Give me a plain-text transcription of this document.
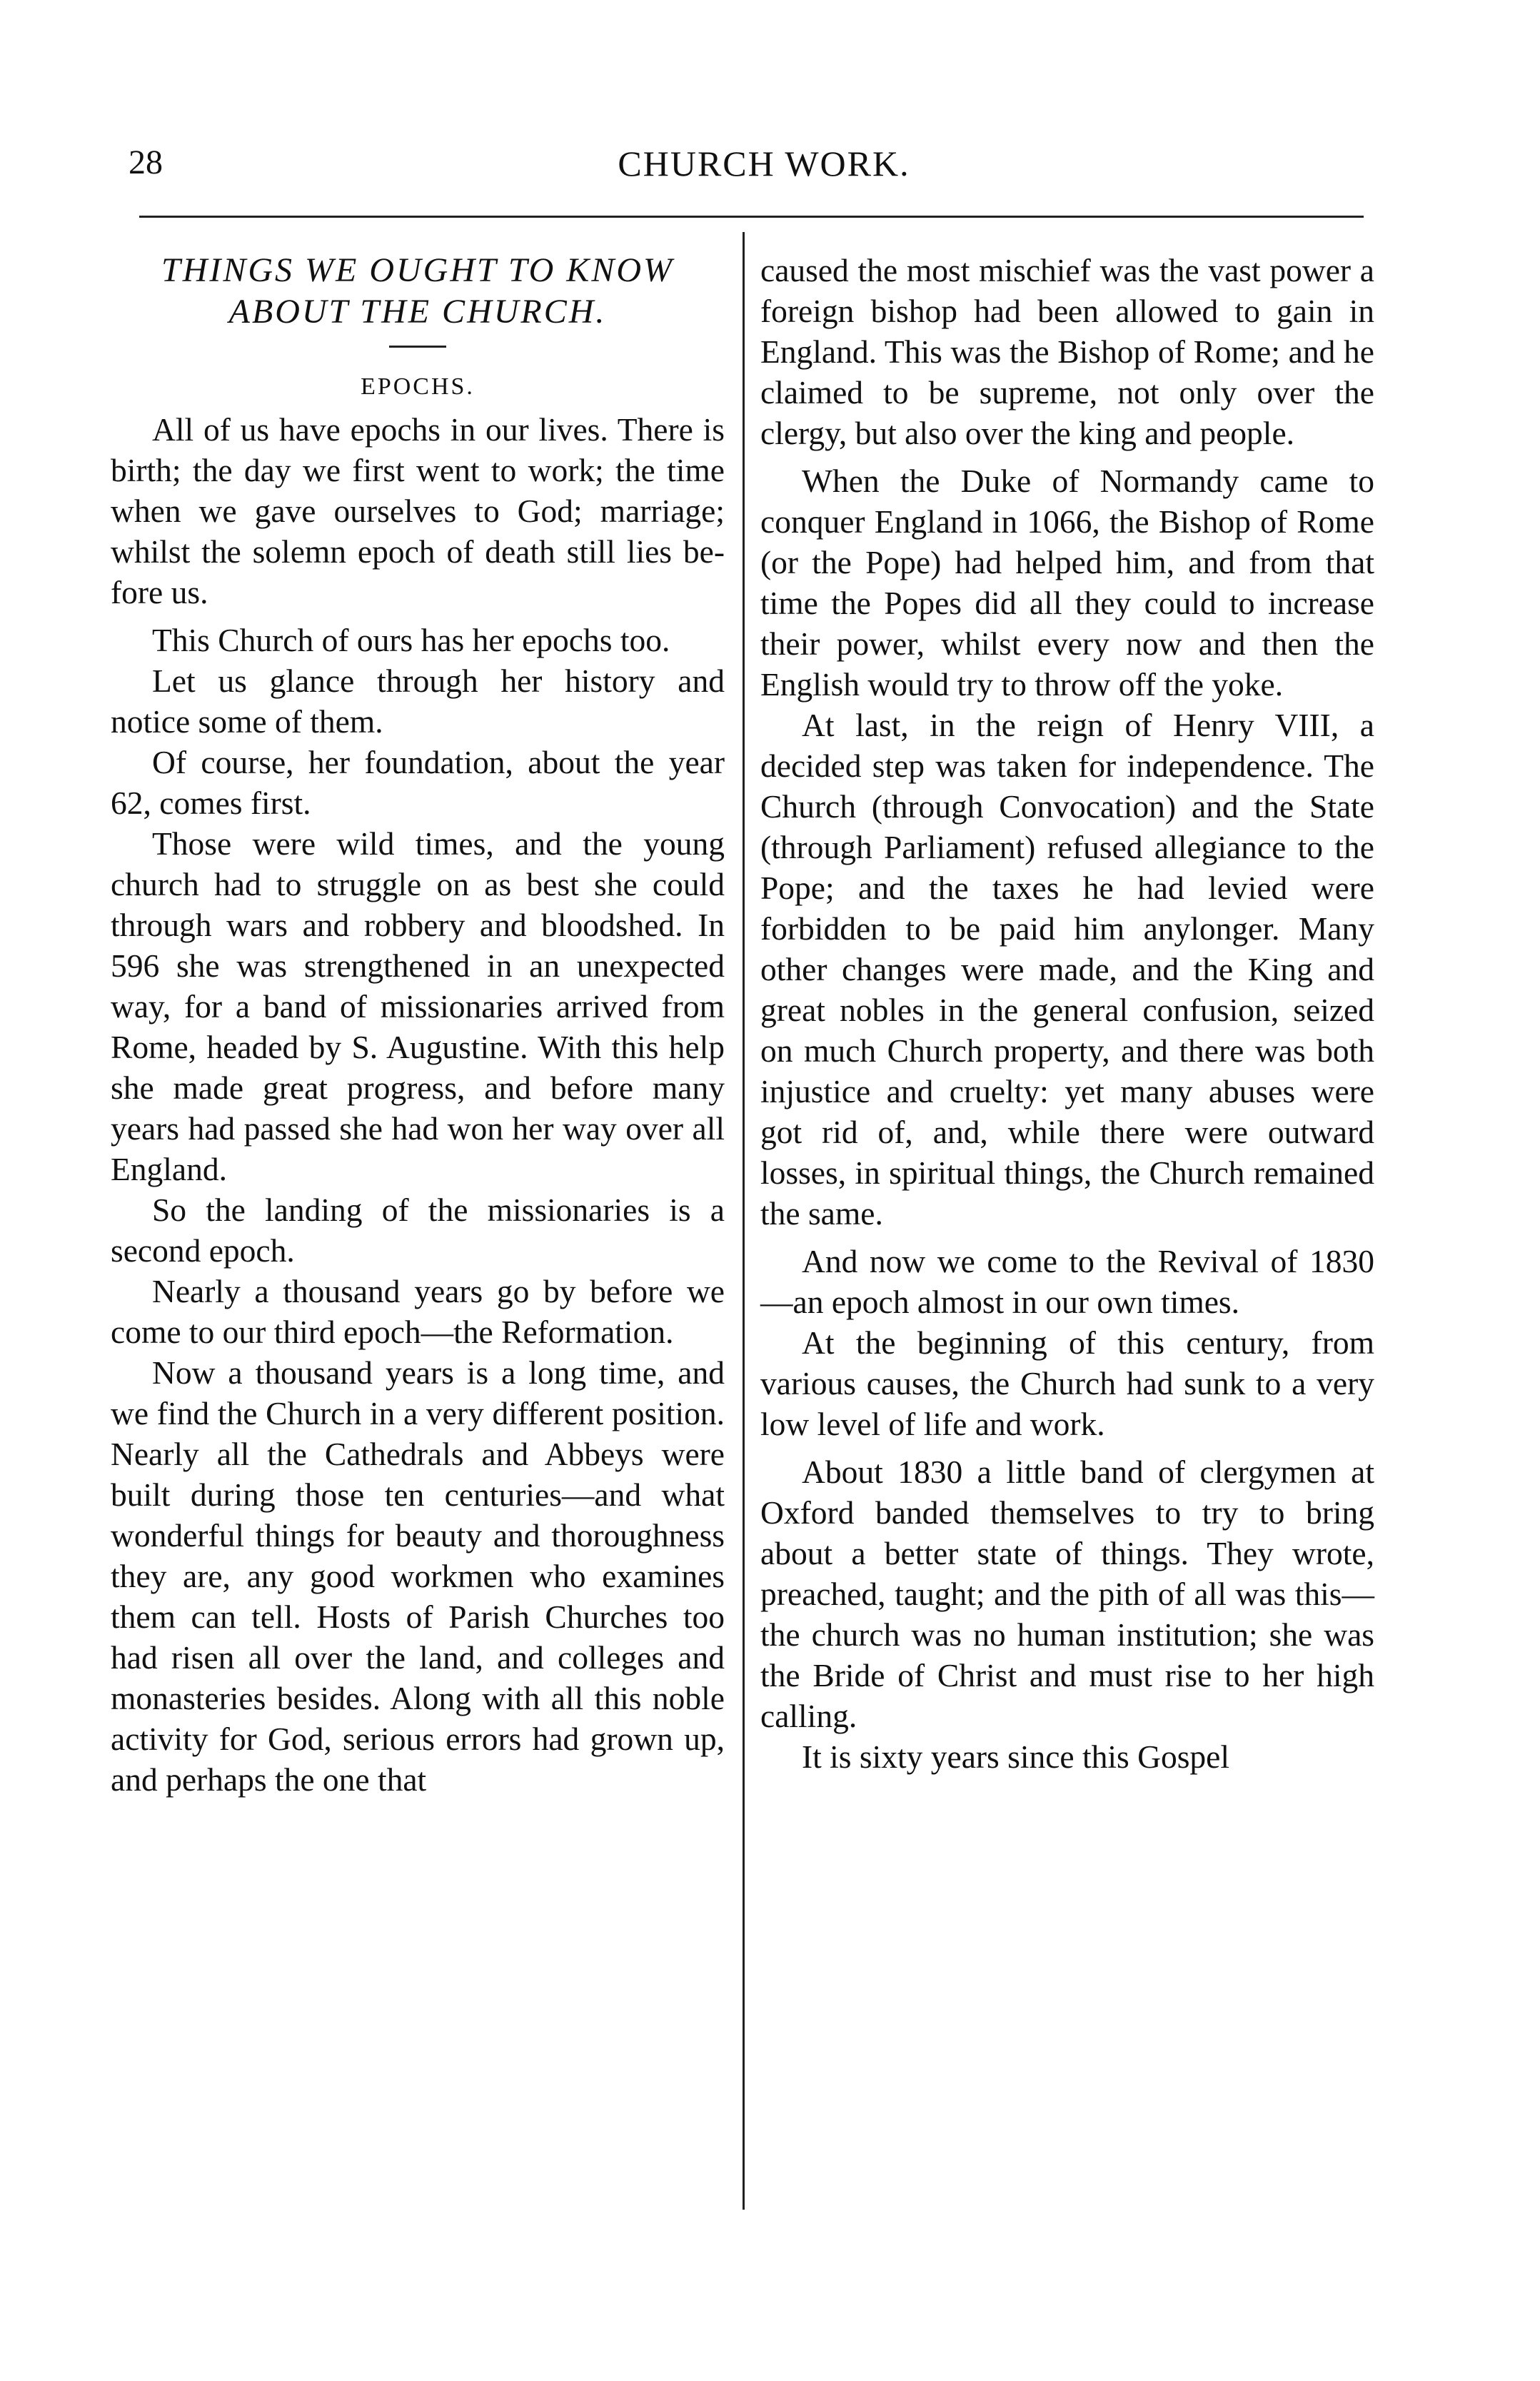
28	CHURCH WORK.
THINGS WE OUGHT TO KNOW ABOUT THE CHURCH.
EPOCHS.

All of us have epochs in our lives. There is birth; the day we first went to work; the time when we gave ourselves to God; marriage; whilst the solemn epoch of death still lies before us.

This Church of ours has her epochs too.

Let us glance through her history and notice some of them.

Of course, her foundation, about the year 62, comes first.

Those were wild times, and the young church had to struggle on as best she could through wars and robbery and bloodshed. In 596 she was strengthened in an unexpected way, for a band of missionaries arrived from Rome, headed by S. Augustine. With this help she made great progress, and before many years had passed she had won her way over all England.

So the landing of the missionaries is a second epoch.

Nearly a thousand years go by before we come to our third epoch—the Reformation.

Now a thousand years is a long time, and we find the Church in a very different position. Nearly all the Cathedrals and Abbeys were built during those ten centuries—and what wonderful things for beauty and thoroughness they are, any good workmen who examines them can tell. Hosts of Parish Churches too had risen all over the land, and colleges and monasteries besides. Along with all this noble activity for God, serious errors had grown up, and perhaps the one that

caused the most mischief was the vast power a foreign bishop had been allowed to gain in England. This was the Bishop of Rome; and he claimed to be supreme, not only over the clergy, but also over the king and people.

When the Duke of Normandy came to conquer England in 1066, the Bishop of Rome (or the Pope) had helped him, and from that time the Popes did all they could to increase their power, whilst every now and then the English would try to throw off the yoke.

At last, in the reign of Henry VIII, a decided step was taken for independence. The Church (through Convocation) and the State (through Parliament) refused allegiance to the Pope; and the taxes he had levied were forbidden to be paid him anylonger. Many other changes were made, and the King and great nobles in the general confusion, seized on much Church property, and there was both injustice and cruelty: yet many abuses were got rid of, and, while there were outward losses, in spiritual things, the Church remained the same.

And now we come to the Revival of 1830—an epoch almost in our own times.

At the beginning of this century, from various causes, the Church had sunk to a very low level of life and work.

About 1830 a little band of clergymen at Oxford banded themselves to try to bring about a better state of things. They wrote, preached, taught; and the pith of all was this—the church was no human institution; she was the Bride of Christ and must rise to her high calling.

It is sixty years since this Gospel
